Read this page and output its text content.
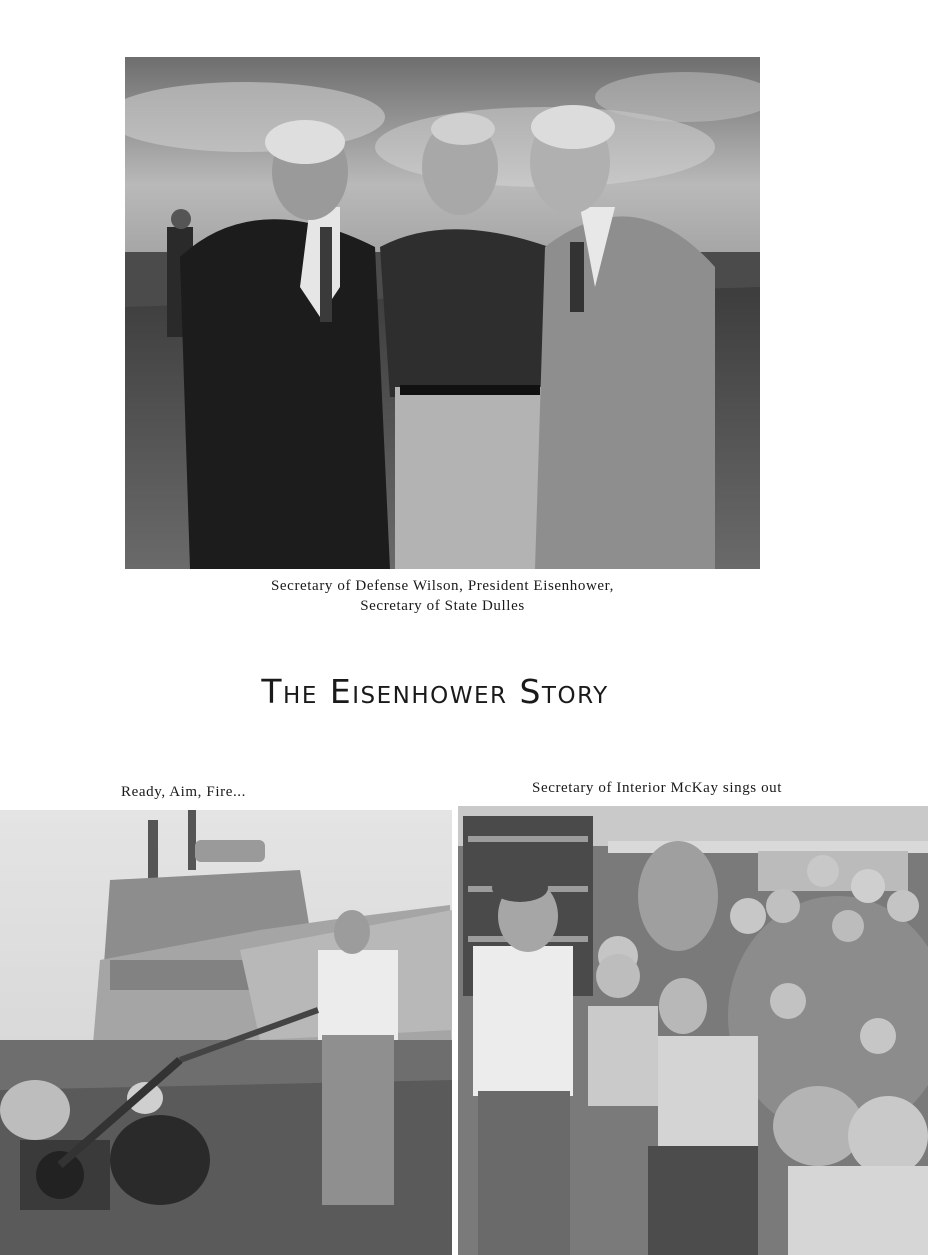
Secretary of Defense Wilson, President Eisenhower,
Secretary of State Dulles
The Eisenhower Story
Ready, Aim, Fire...	Secretary of Interior McKay sings out
